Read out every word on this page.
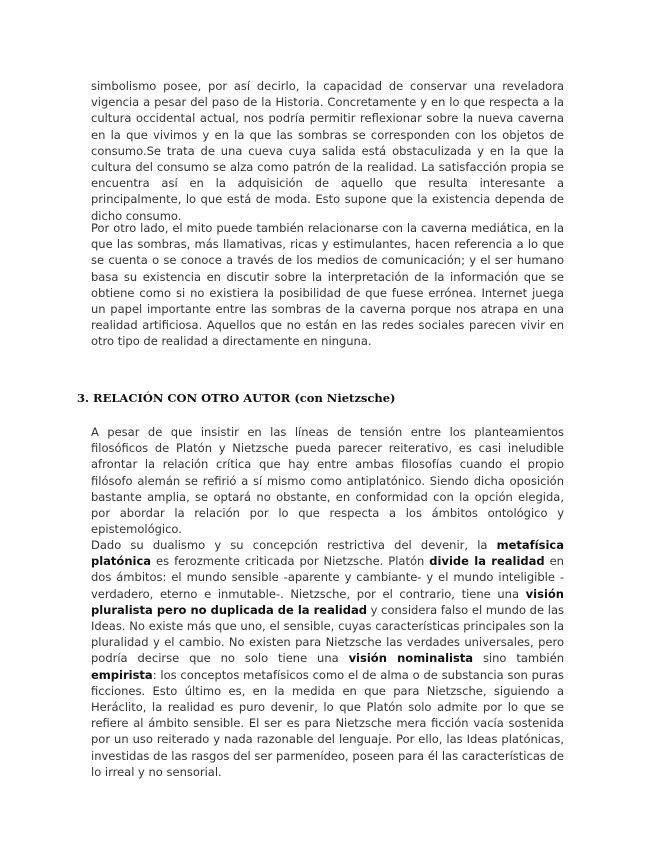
simbolismo posee, por así decirlo, la capacidad de conservar una reveladora vigencia a pesar del paso de la Historia. Concretamente y en lo que respecta a la cultura occidental actual, nos podría permitir reflexionar sobre la nueva caverna en la que vivimos y en la que las sombras se corresponden con los objetos de consumo.Se trata de una cueva cuya salida está obstaculizada y en la que la cultura del consumo se alza como patrón de la realidad. La satisfacción propia se encuentra así en la adquisición de aquello que resulta interesante a principalmente, lo que está de moda. Esto supone que la existencia dependa de dicho consumo.

Por otro lado, el mito puede también relacionarse con la caverna mediática, en la que las sombras, más llamativas, ricas y estimulantes, hacen referencia a lo que se cuenta o se conoce a través de los medios de comunicación; y el ser humano basa su existencia en discutir sobre la interpretación de la información que se obtiene como si no existiera la posibilidad de que fuese errónea. Internet juega un papel importante entre las sombras de la caverna porque nos atrapa en una realidad artificiosa. Aquellos que no están en las redes sociales parecen vivir en otro tipo de realidad a directamente en ninguna.

3. RELACIÓN CON OTRO AUTOR (con Nietzsche)

A pesar de que insistir en las líneas de tensión entre los planteamientos filosóficos de Platón y Nietzsche pueda parecer reiterativo, es casi ineludible afrontar la relación crítica que hay entre ambas filosofías cuando el propio filósofo alemán se refirió a sí mismo como antiplatónico. Siendo dicha oposición bastante amplia, se optará no obstante, en conformidad con la opción elegida, por abordar la relación por lo que respecta a los ámbitos ontológico y epistemológico.

Dado su dualismo y su concepción restrictiva del devenir, la metafísica platónica es ferozmente criticada por Nietzsche. Platón divide la realidad en dos ámbitos: el mundo sensible -aparente y cambiante- y el mundo inteligible -verdadero, eterno e inmutable-. Nietzsche, por el contrario, tiene una visión pluralista pero no duplicada de la realidad y considera falso el mundo de las Ideas. No existe más que uno, el sensible, cuyas características principales son la pluralidad y el cambio. No existen para Nietzsche las verdades universales, pero podría decirse que no solo tiene una visión nominalista sino también empirista: los conceptos metafísicos como el de alma o de substancia son puras ficciones. Esto último es, en la medida en que para Nietzsche, siguiendo a Heráclito, la realidad es puro devenir, lo que Platón solo admite por lo que se refiere al ámbito sensible. El ser es para Nietzsche mera ficción vacía sostenida por un uso reiterado y nada razonable del lenguaje. Por ello, las Ideas platónicas, investidas de las rasgos del ser parmenídeo, poseen para él las características de lo irreal y no sensorial.
